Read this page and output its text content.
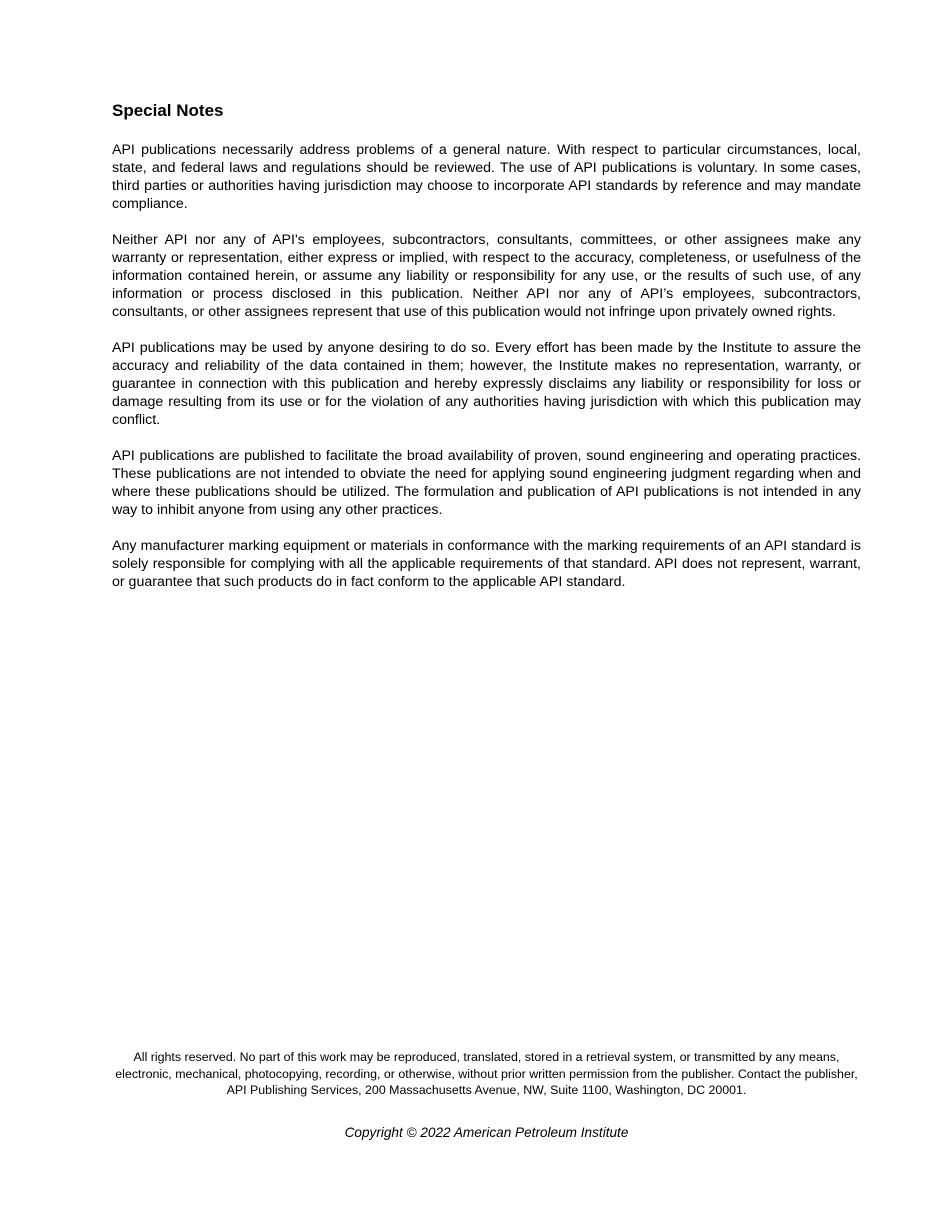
Special Notes

API publications necessarily address problems of a general nature. With respect to particular circumstances, local, state, and federal laws and regulations should be reviewed. The use of API publications is voluntary. In some cases, third parties or authorities having jurisdiction may choose to incorporate API standards by reference and may mandate compliance.

Neither API nor any of API's employees, subcontractors, consultants, committees, or other assignees make any warranty or representation, either express or implied, with respect to the accuracy, completeness, or usefulness of the information contained herein, or assume any liability or responsibility for any use, or the results of such use, of any information or process disclosed in this publication. Neither API nor any of API’s employees, subcontractors, consultants, or other assignees represent that use of this publication would not infringe upon privately owned rights.

API publications may be used by anyone desiring to do so. Every effort has been made by the Institute to assure the accuracy and reliability of the data contained in them; however, the Institute makes no representation, warranty, or guarantee in connection with this publication and hereby expressly disclaims any liability or responsibility for loss or damage resulting from its use or for the violation of any authorities having jurisdiction with which this publication may conflict.

API publications are published to facilitate the broad availability of proven, sound engineering and operating practices. These publications are not intended to obviate the need for applying sound engineering judgment regarding when and where these publications should be utilized. The formulation and publication of API publications is not intended in any way to inhibit anyone from using any other practices.

Any manufacturer marking equipment or materials in conformance with the marking requirements of an API standard is solely responsible for complying with all the applicable requirements of that standard. API does not represent, warrant, or guarantee that such products do in fact conform to the applicable API standard.

All rights reserved. No part of this work may be reproduced, translated, stored in a retrieval system, or transmitted by any means, electronic, mechanical, photocopying, recording, or otherwise, without prior written permission from the publisher. Contact the publisher, API Publishing Services, 200 Massachusetts Avenue, NW, Suite 1100, Washington, DC 20001.

Copyright © 2022 American Petroleum Institute
